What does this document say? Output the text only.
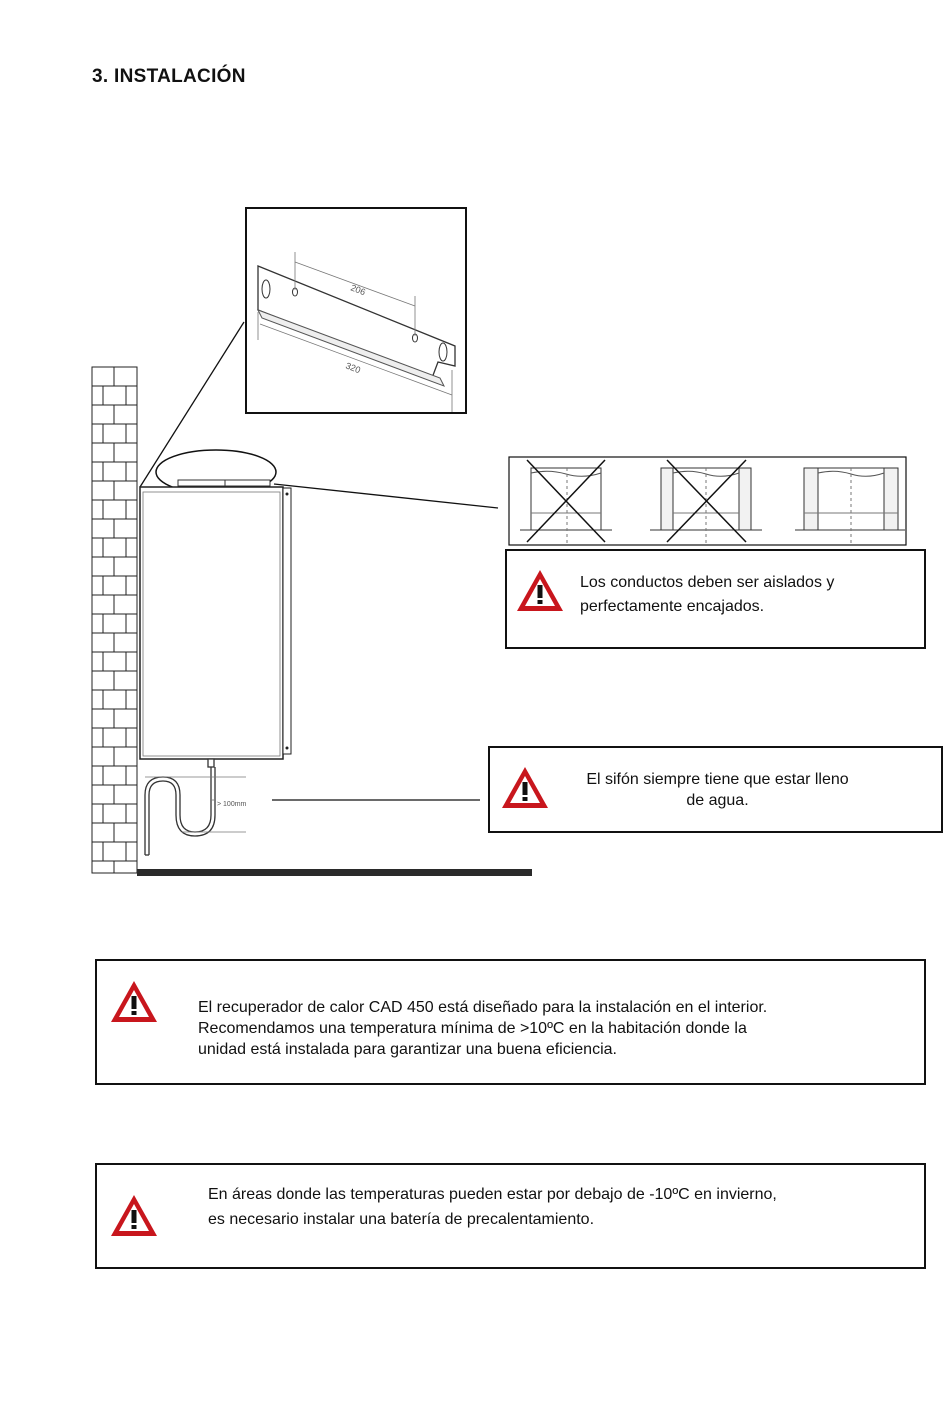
3. INSTALACIÓN
206
320
> 100mm
Los conductos deben ser aislados y
perfectamente encajados.
El sifón siempre tiene que estar lleno
de agua.
El recuperador de calor CAD 450 está diseñado para la instalación en el interior.
Recomendamos una temperatura mínima de >10ºC en la habitación donde la
unidad está instalada para garantizar una buena eficiencia.
En áreas donde las temperaturas pueden estar por debajo de -10ºC en invierno,
es necesario instalar una batería de precalentamiento.
